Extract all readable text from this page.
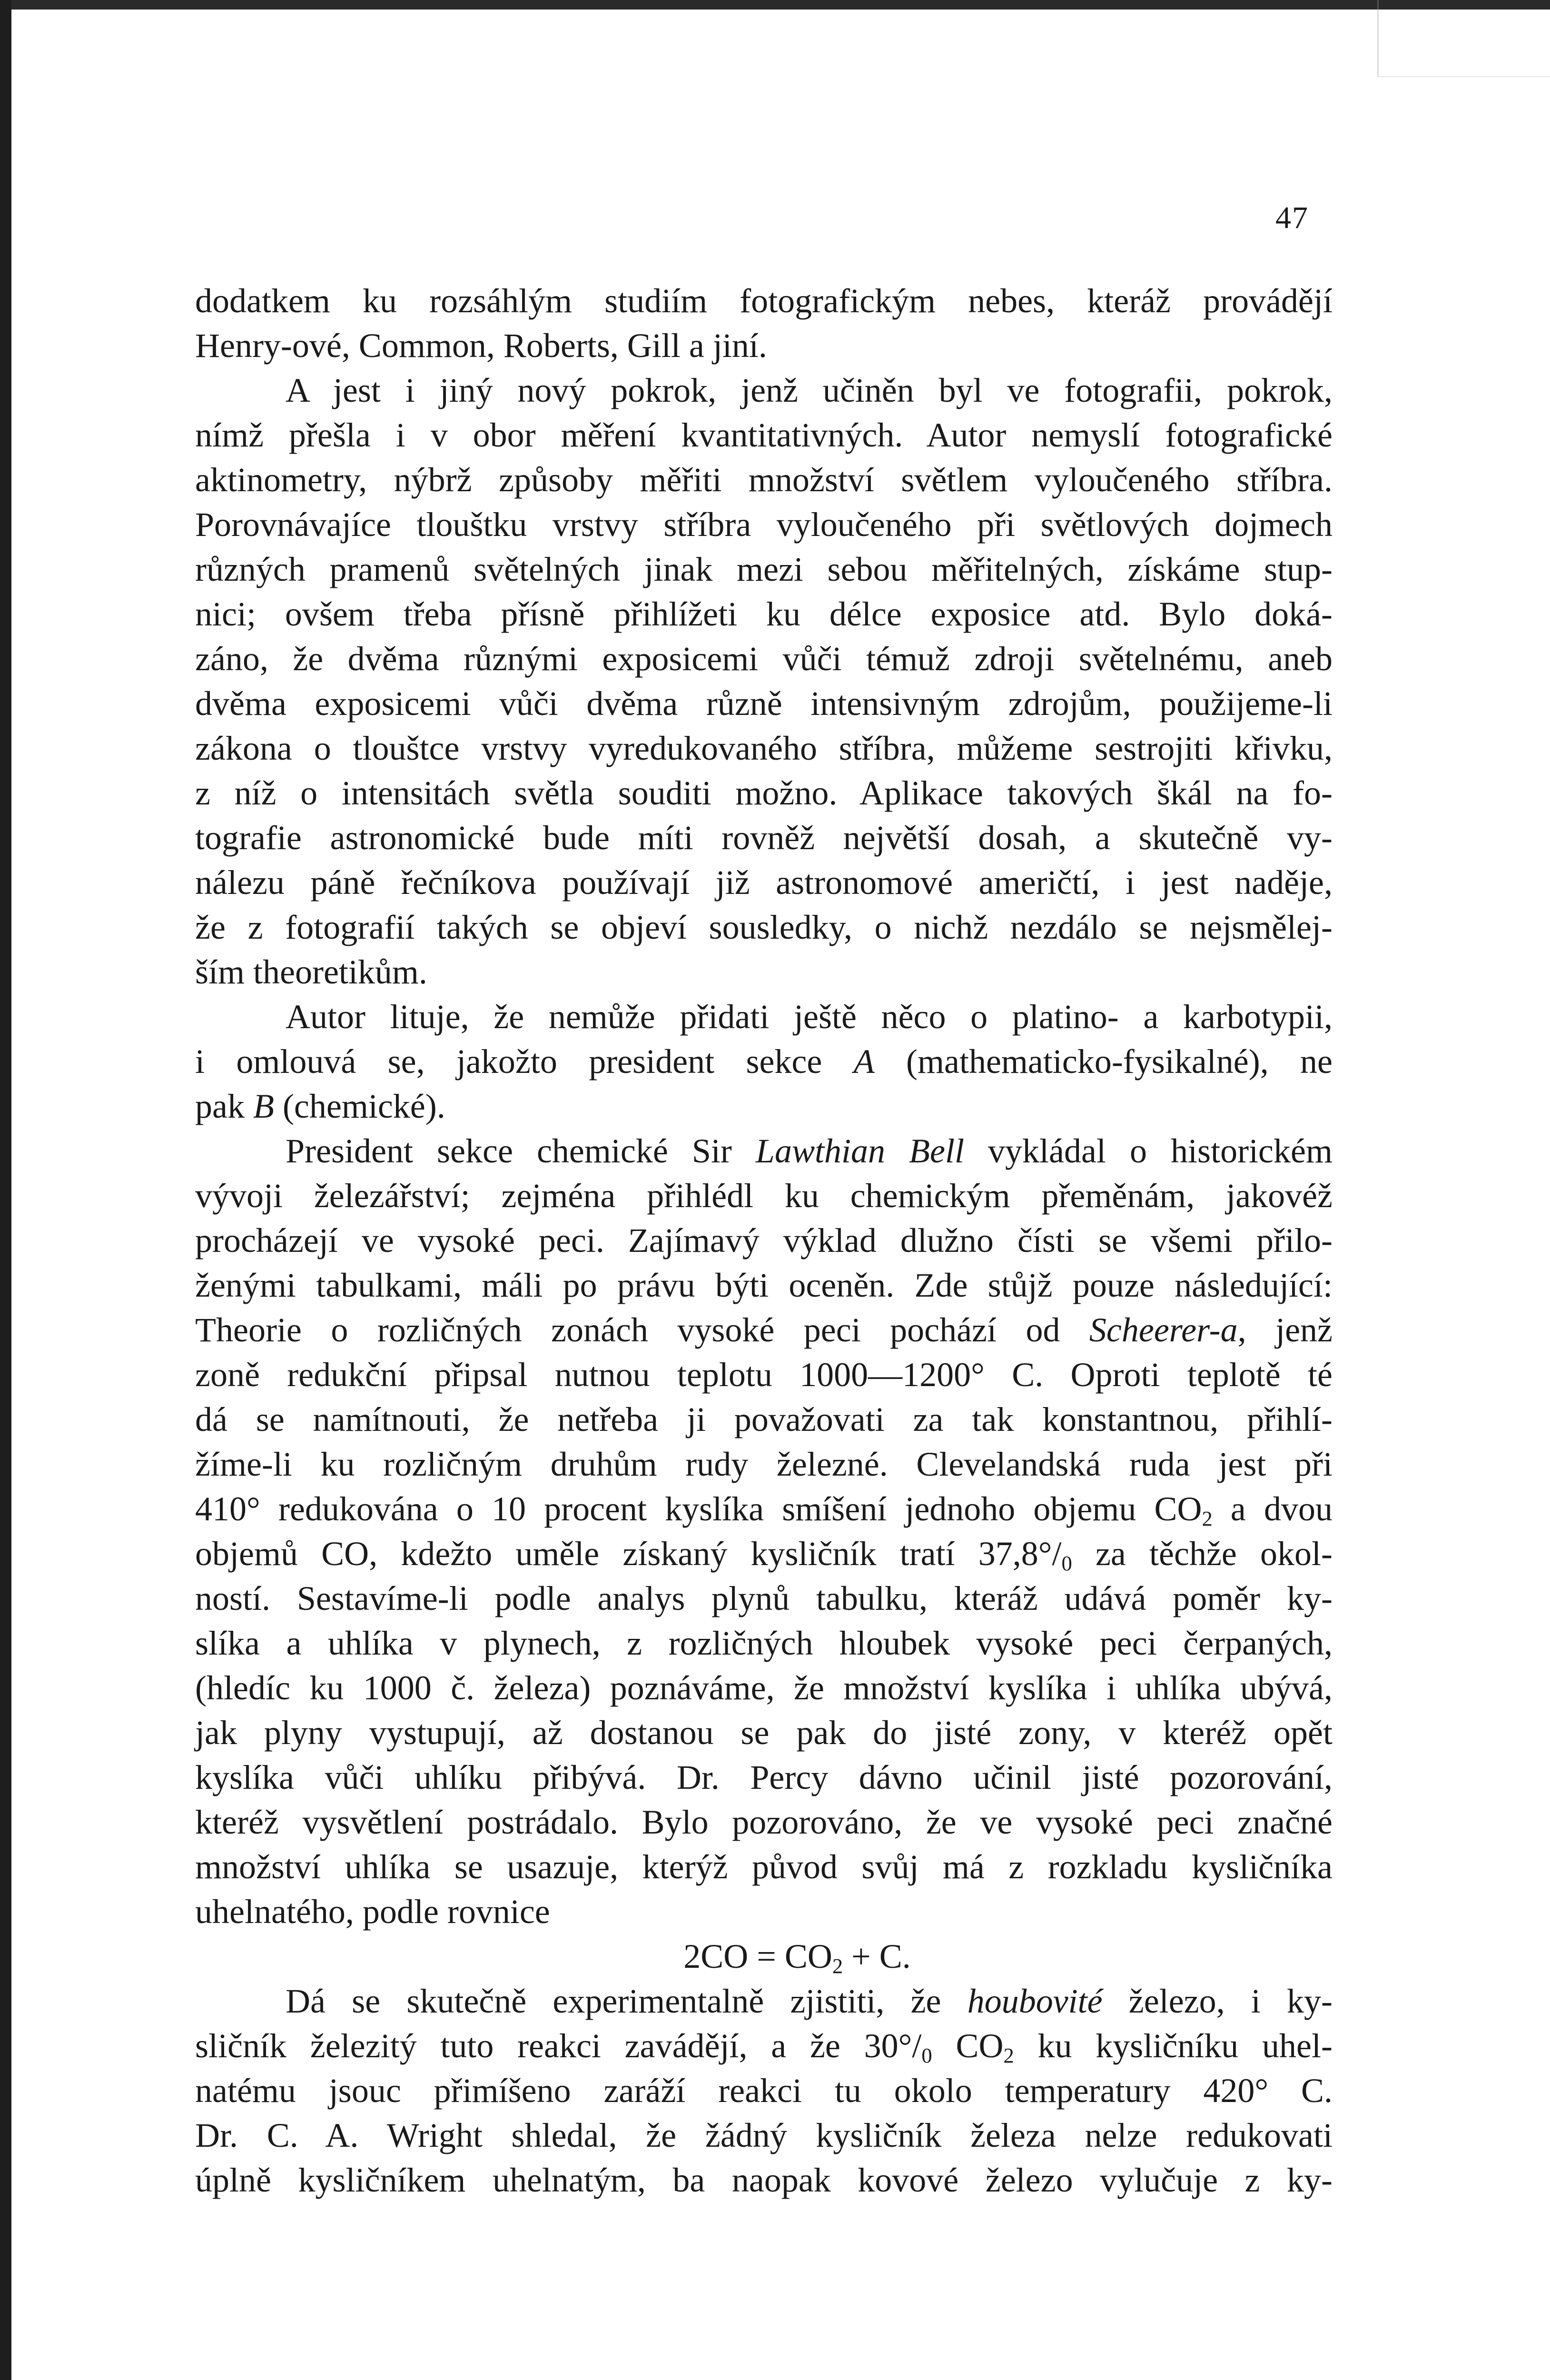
47
dodatkem ku rozsáhlým studiím fotografickým nebes, kteráž provádějí
Henry-ové, Common, Roberts, Gill a jiní.
A jest i jiný nový pokrok, jenž učiněn byl ve fotografii, pokrok,
nímž přešla i v obor měření kvantitativných. Autor nemyslí fotografické
aktinometry, nýbrž způsoby měřiti množství světlem vyloučeného stříbra.
Porovnávajíce tlouštku vrstvy stříbra vyloučeného při světlových dojmech
různých pramenů světelných jinak mezi sebou měřitelných, získáme stup-
nici; ovšem třeba přísně přihlížeti ku délce exposice atd. Bylo doká-
záno, že dvěma různými exposicemi vůči témuž zdroji světelnému, aneb
dvěma exposicemi vůči dvěma různě intensivným zdrojům, použijeme-li
zákona o tlouštce vrstvy vyredukovaného stříbra, můžeme sestrojiti křivku,
z níž o intensitách světla souditi možno. Aplikace takových škál na fo-
tografie astronomické bude míti rovněž největší dosah, a skutečně vy-
nálezu páně řečníkova používají již astronomové američtí, i jest naděje,
že z fotografií takých se objeví sousledky, o nichž nezdálo se nejsmělej-
ším theoretikům.
Autor lituje, že nemůže přidati ještě něco o platino- a karbotypii,
i omlouvá se, jakožto president sekce A (mathematicko-fysikalné), ne
pak B (chemické).
President sekce chemické Sir Lawthian Bell vykládal o historickém
vývoji železářství; zejména přihlédl ku chemickým přeměnám, jakovéž
procházejí ve vysoké peci. Zajímavý výklad dlužno čísti se všemi přilo-
ženými tabulkami, máli po právu býti oceněn. Zde stůjž pouze následující:
Theorie o rozličných zonách vysoké peci pochází od Scheerer-a, jenž
zoně redukční připsal nutnou teplotu 1000—1200° C. Oproti teplotě té
dá se namítnouti, že netřeba ji považovati za tak konstantnou, přihlí-
žíme-li ku rozličným druhům rudy železné. Clevelandská ruda jest při
410° redukována o 10 procent kyslíka smíšení jednoho objemu $CO_2$ a dvou
objemů CO, kdežto uměle získaný kysličník tratí $37,8^\circ/_0$ za těchže okol-
ností. Sestavíme-li podle analys plynů tabulku, kteráž udává poměr ky-
slíka a uhlíka v plynech, z rozličných hloubek vysoké peci čerpaných,
(hledíc ku 1000 č. železa) poznáváme, že množství kyslíka i uhlíka ubývá,
jak plyny vystupují, až dostanou se pak do jisté zony, v kteréž opět
kyslíka vůči uhlíku přibývá. Dr. Percy dávno učinil jisté pozorování,
kteréž vysvětlení postrádalo. Bylo pozorováno, že ve vysoké peci značné
množství uhlíka se usazuje, kterýž původ svůj má z rozkladu kysličníka
uhelnatého, podle rovnice
$2CO = CO_2 + C$.
Dá se skutečně experimentalně zjistiti, že houbovité železo, i ky-
sličník železitý tuto reakci zavádějí, a že $30^\circ/_0$ $CO_2$ ku kysličníku uhel-
natému jsouc přimíšeno zaráží reakci tu okolo temperatury 420° C.
Dr. C. A. Wright shledal, že žádný kysličník železa nelze redukovati
úplně kysličníkem uhelnatým, ba naopak kovové železo vylučuje z ky-
